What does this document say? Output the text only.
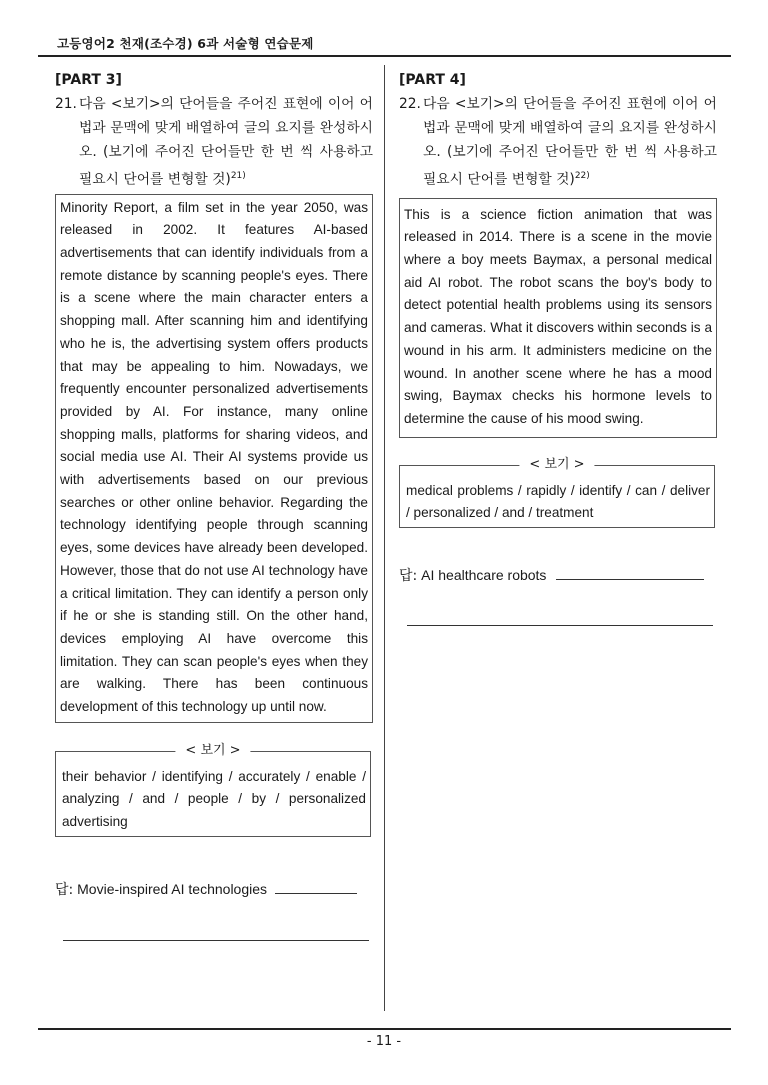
고등영어2 천재(조수경) 6과 서술형 연습문제
[PART 3]
21. 다음 <보기>의 단어들을 주어진 표현에 이어 어법과 문맥에 맞게 배열하여 글의 요지를 완성하시오. (보기에 주어진 단어들만 한 번 씩 사용하고 필요시 단어를 변형할 것)$^{21)}$
Minority Report, a film set in the year 2050, was released in 2002. It features AI-based advertisements that can identify individuals from a remote distance by scanning people's eyes. There is a scene where the main character enters a shopping mall. After scanning him and identifying who he is, the advertising system offers products that may be appealing to him. Nowadays, we frequently encounter personalized advertisements provided by AI. For instance, many online shopping malls, platforms for sharing videos, and social media use AI. Their AI systems provide us with advertisements based on our previous searches or other online behavior. Regarding the technology identifying people through scanning eyes, some devices have already been developed. However, those that do not use AI technology have a critical limitation. They can identify a person only if he or she is standing still. On the other hand, devices employing AI have overcome this limitation. They can scan people's eyes when they are walking. There has been continuous development of this technology up until now.
< 보기 >
their behavior / identifying / accurately / enable / analyzing / and / people / by / personalized advertising
답: Movie-inspired AI technologies
[PART 4]
22. 다음 <보기>의 단어들을 주어진 표현에 이어 어법과 문맥에 맞게 배열하여 글의 요지를 완성하시오. (보기에 주어진 단어들만 한 번 씩 사용하고 필요시 단어를 변형할 것)$^{22)}$
This is a science fiction animation that was released in 2014. There is a scene in the movie where a boy meets Baymax, a personal medical aid AI robot. The robot scans the boy's body to detect potential health problems using its sensors and cameras. What it discovers within seconds is a wound in his arm. It administers medicine on the wound. In another scene where he has a mood swing, Baymax checks his hormone levels to determine the cause of his mood swing.
< 보기 >
medical problems / rapidly / identify / can / deliver / personalized / and / treatment
답: AI healthcare robots
- 11 -
